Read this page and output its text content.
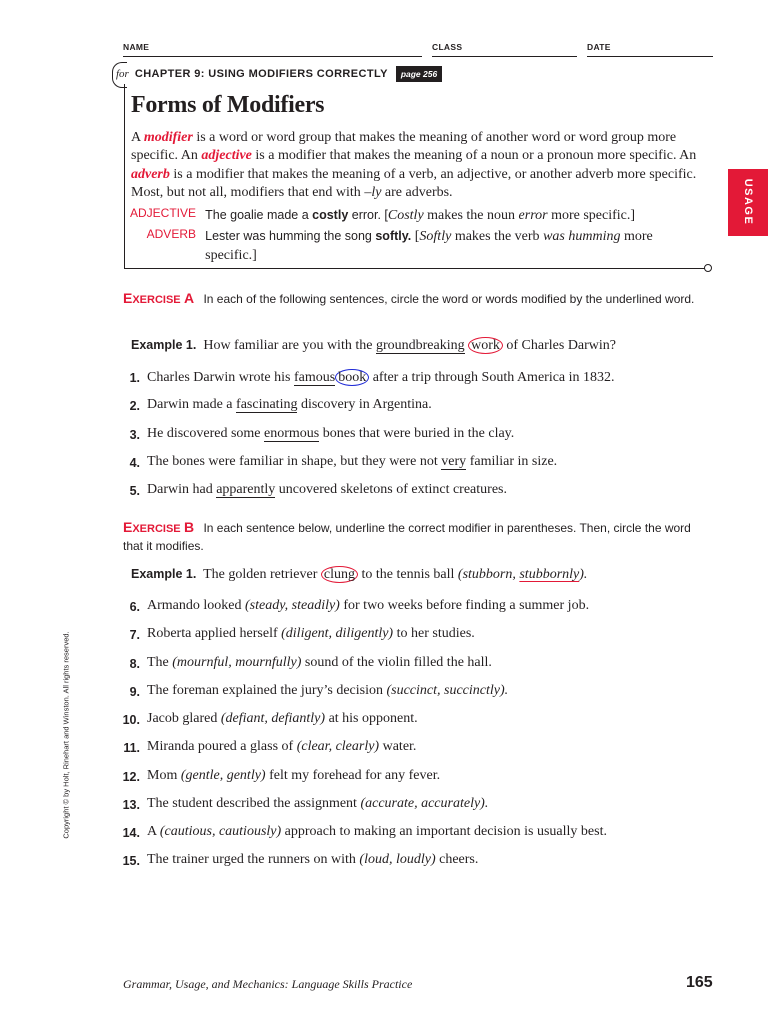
NAME	CLASS	DATE
for CHAPTER 9: USING MODIFIERS CORRECTLY	page 256
Forms of Modifiers
A modifier is a word or word group that makes the meaning of another word or word group more specific. An adjective is a modifier that makes the meaning of a noun or a pronoun more specific. An adverb is a modifier that makes the meaning of a verb, an adjective, or another adverb more specific. Most, but not all, modifiers that end with –ly are adverbs.
ADJECTIVE The goalie made a costly error. [Costly makes the noun error more specific.]
ADVERB Lester was humming the song softly. [Softly makes the verb was humming more specific.]
USAGE
EXERCISE A In each of the following sentences, circle the word or words modified by the underlined word.
Example 1. How familiar are you with the groundbreaking work of Charles Darwin?
1. Charles Darwin wrote his famous book after a trip through South America in 1832.
2. Darwin made a fascinating discovery in Argentina.
3. He discovered some enormous bones that were buried in the clay.
4. The bones were familiar in shape, but they were not very familiar in size.
5. Darwin had apparently uncovered skeletons of extinct creatures.
EXERCISE B In each sentence below, underline the correct modifier in parentheses. Then, circle the word that it modifies.
Example 1. The golden retriever clung to the tennis ball (stubborn, stubbornly).
6. Armando looked (steady, steadily) for two weeks before finding a summer job.
7. Roberta applied herself (diligent, diligently) to her studies.
8. The (mournful, mournfully) sound of the violin filled the hall.
9. The foreman explained the jury’s decision (succinct, succinctly).
10. Jacob glared (defiant, defiantly) at his opponent.
11. Miranda poured a glass of (clear, clearly) water.
12. Mom (gentle, gently) felt my forehead for any fever.
13. The student described the assignment (accurate, accurately).
14. A (cautious, cautiously) approach to making an important decision is usually best.
15. The trainer urged the runners on with (loud, loudly) cheers.
Copyright © by Holt, Rinehart and Winston. All rights reserved.
Grammar, Usage, and Mechanics: Language Skills Practice	165
